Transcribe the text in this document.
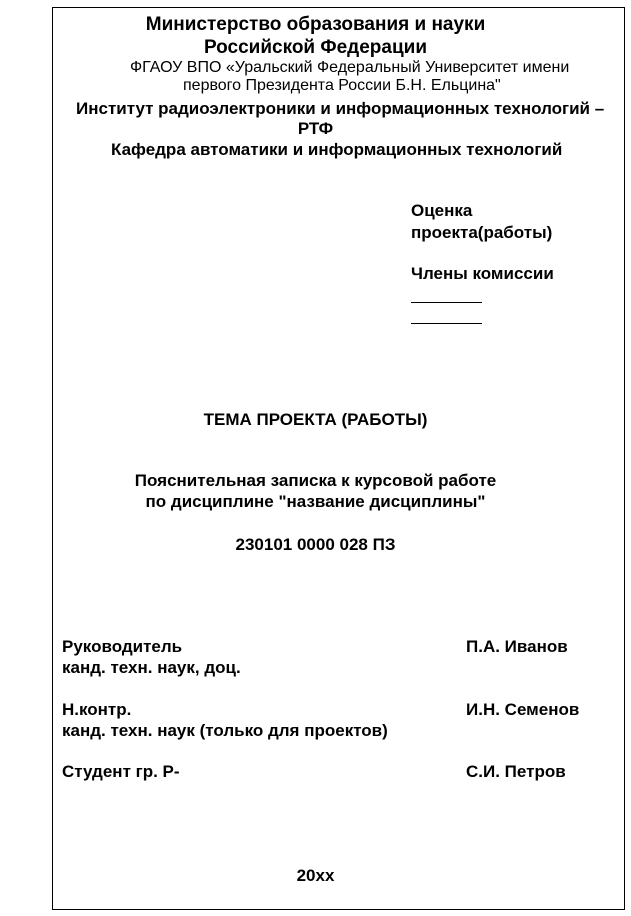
Министерство образования и науки
Российской Федерации
ФГАОУ ВПО «Уральский Федеральный Университет имени
первого Президента России Б.Н. Ельцина"
Институт радиоэлектроники и информационных технологий –
РТФ
Кафедра автоматики и информационных технологий
Оценка
проекта(работы)
Члены комиссии
ТЕМА ПРОЕКТА (РАБОТЫ)
Пояснительная записка к курсовой работе
по дисциплине "название дисциплины"
230101 0000 028 ПЗ
Руководитель
канд. техн. наук, доц.
П.А. Иванов
Н.контр.
канд. техн. наук (только для проектов)
И.Н. Семенов
Студент гр. Р-	С.И. Петров
20хх
